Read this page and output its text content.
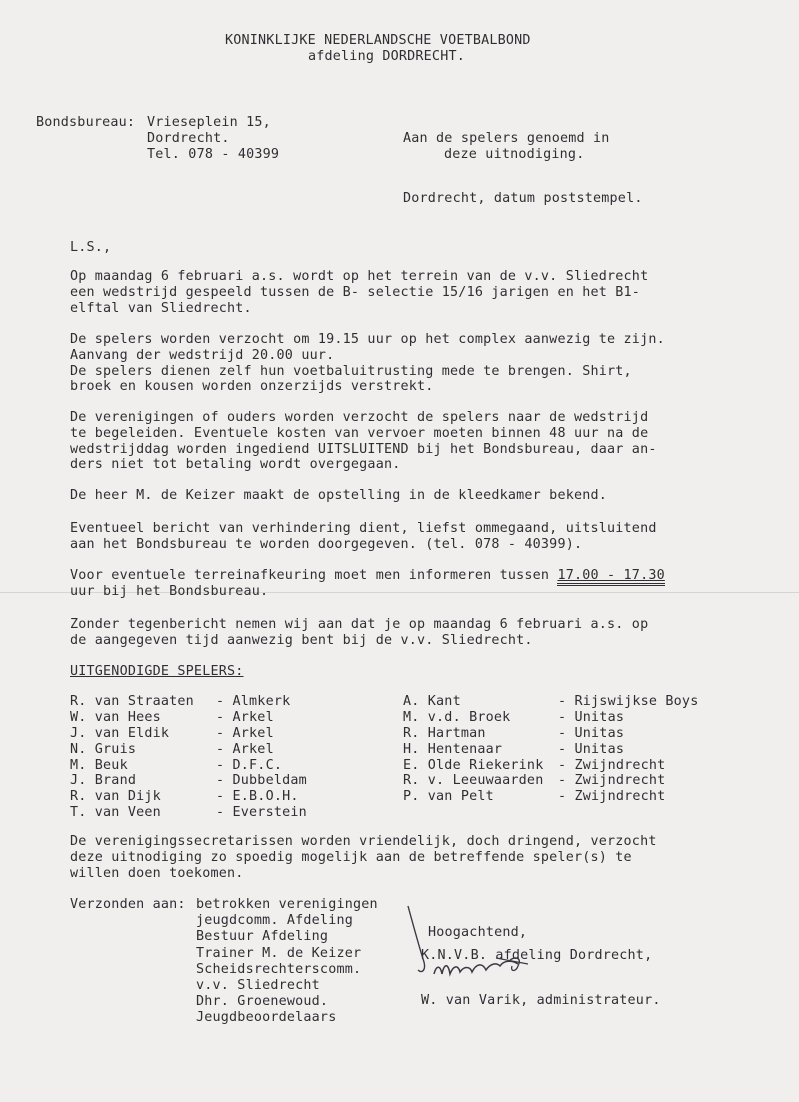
KONINKLIJKE NEDERLANDSCHE VOETBALBOND
afdeling DORDRECHT.
Bondsbureau: Vrieseplein 15,
Dordrecht.
Tel. 078 - 40399
Aan de spelers genoemd in
deze uitnodiging.
Dordrecht, datum poststempel.
L.S.,
Op maandag 6 februari a.s. wordt op het terrein van de v.v. Sliedrecht
een wedstrijd gespeeld tussen de B- selectie 15/16 jarigen en het B1-
elftal van Sliedrecht.
De spelers worden verzocht om 19.15 uur op het complex aanwezig te zijn.
Aanvang der wedstrijd 20.00 uur.
De spelers dienen zelf hun voetbaluitrusting mede te brengen. Shirt,
broek en kousen worden onzerzijds verstrekt.
De verenigingen of ouders worden verzocht de spelers naar de wedstrijd
te begeleiden. Eventuele kosten van vervoer moeten binnen 48 uur na de
wedstrijddag worden ingediend UITSLUITEND bij het Bondsbureau, daar an-
ders niet tot betaling wordt overgegaan.
De heer M. de Keizer maakt de opstelling in de kleedkamer bekend.
Eventueel bericht van verhindering dient, liefst ommegaand, uitsluitend
aan het Bondsbureau te worden doorgegeven. (tel. 078 - 40399).
Voor eventuele terreinafkeuring moet men informeren tussen 17.00 - 17.30
uur bij het Bondsbureau.
Zonder tegenbericht nemen wij aan dat je op maandag 6 februari a.s. op
de aangegeven tijd aanwezig bent bij de v.v. Sliedrecht.
UITGENODIGDE SPELERS:
R. van Straaten - Almkerk
W. van Hees	- Arkel
J. van Eldik	- Arkel
N. Gruis	- Arkel
M. Beuk	- D.F.C.
J. Brand	- Dubbeldam
R. van Dijk	- E.B.O.H.
T. van Veen	- Everstein
A. Kant	- Rijswijkse Boys
M. v.d. Broek	- Unitas
R. Hartman	- Unitas
H. Hentenaar	- Unitas
E. Olde Riekerink - Zwijndrecht
R. v. Leeuwaarden - Zwijndrecht
P. van Pelt	- Zwijndrecht
De verenigingssecretarissen worden vriendelijk, doch dringend, verzocht
deze uitnodiging zo spoedig mogelijk aan de betreffende speler(s) te
willen doen toekomen.
Verzonden aan: betrokken verenigingen
jeugdcomm. Afdeling
Bestuur Afdeling
Trainer M. de Keizer
Scheidsrechterscomm.
v.v. Sliedrecht
Dhr. Groenewoud.
Jeugdbeoordelaars
Hoogachtend,
K.N.V.B. afdeling Dordrecht,
W. van Varik, administrateur.
